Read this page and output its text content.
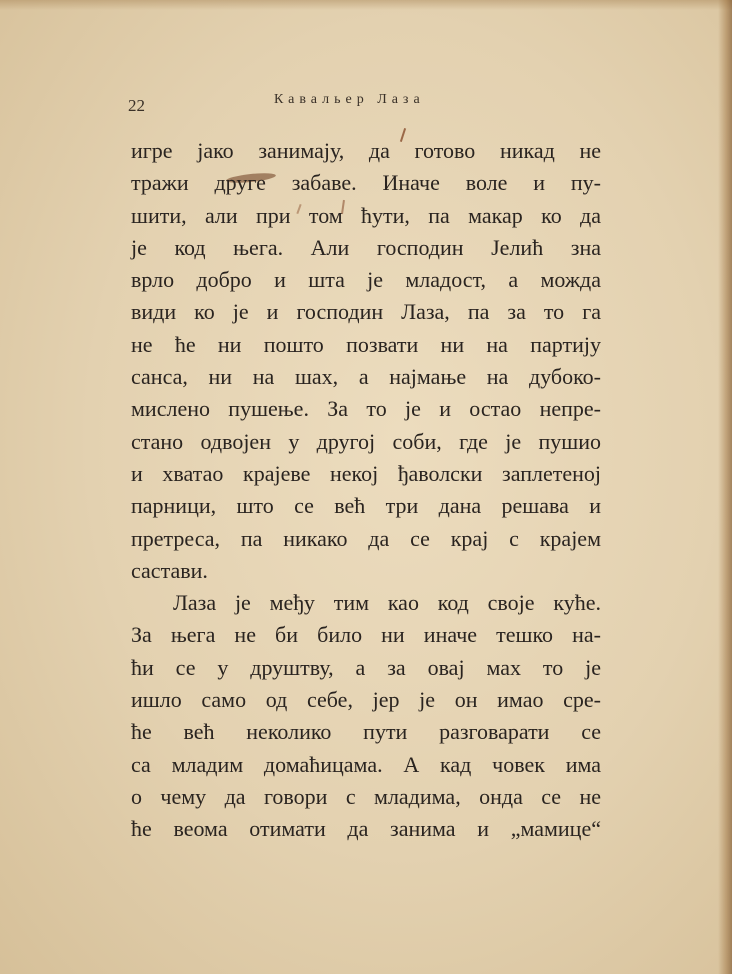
22	Кавальер Лаза
игре јако занимају, да готово никад не
тражи друге забаве. Иначе воле и пу-
шити, али при том ћути, па макар ко да
је код њега. Али господин Јелић зна
врло добро и шта је младост, а можда
види ко је и господин Лаза, па за то га
не ће ни пошто позвати ни на партију
санса, ни на шах, а најмање на дубоко-
мислено пушење. За то је и остао непре-
стано одвојен у другој соби, где је пушио
и хватао крајеве некој ђаволски заплетеној
парници, што се већ три дана решава и
претреса, па никако да се крај с крајем
састави.
Лаза је међу тим као код своје куће.
За њега не би било ни иначе тешко на-
ћи се у друштву, а за овај мах то је
ишло само од себе, јер је он имао сре-
ће већ неколико пути разговарати се
са младим домаћицама. А кад човек има
о чему да говори с младима, онда се не
ће веома отимати да занима и „мамице“
